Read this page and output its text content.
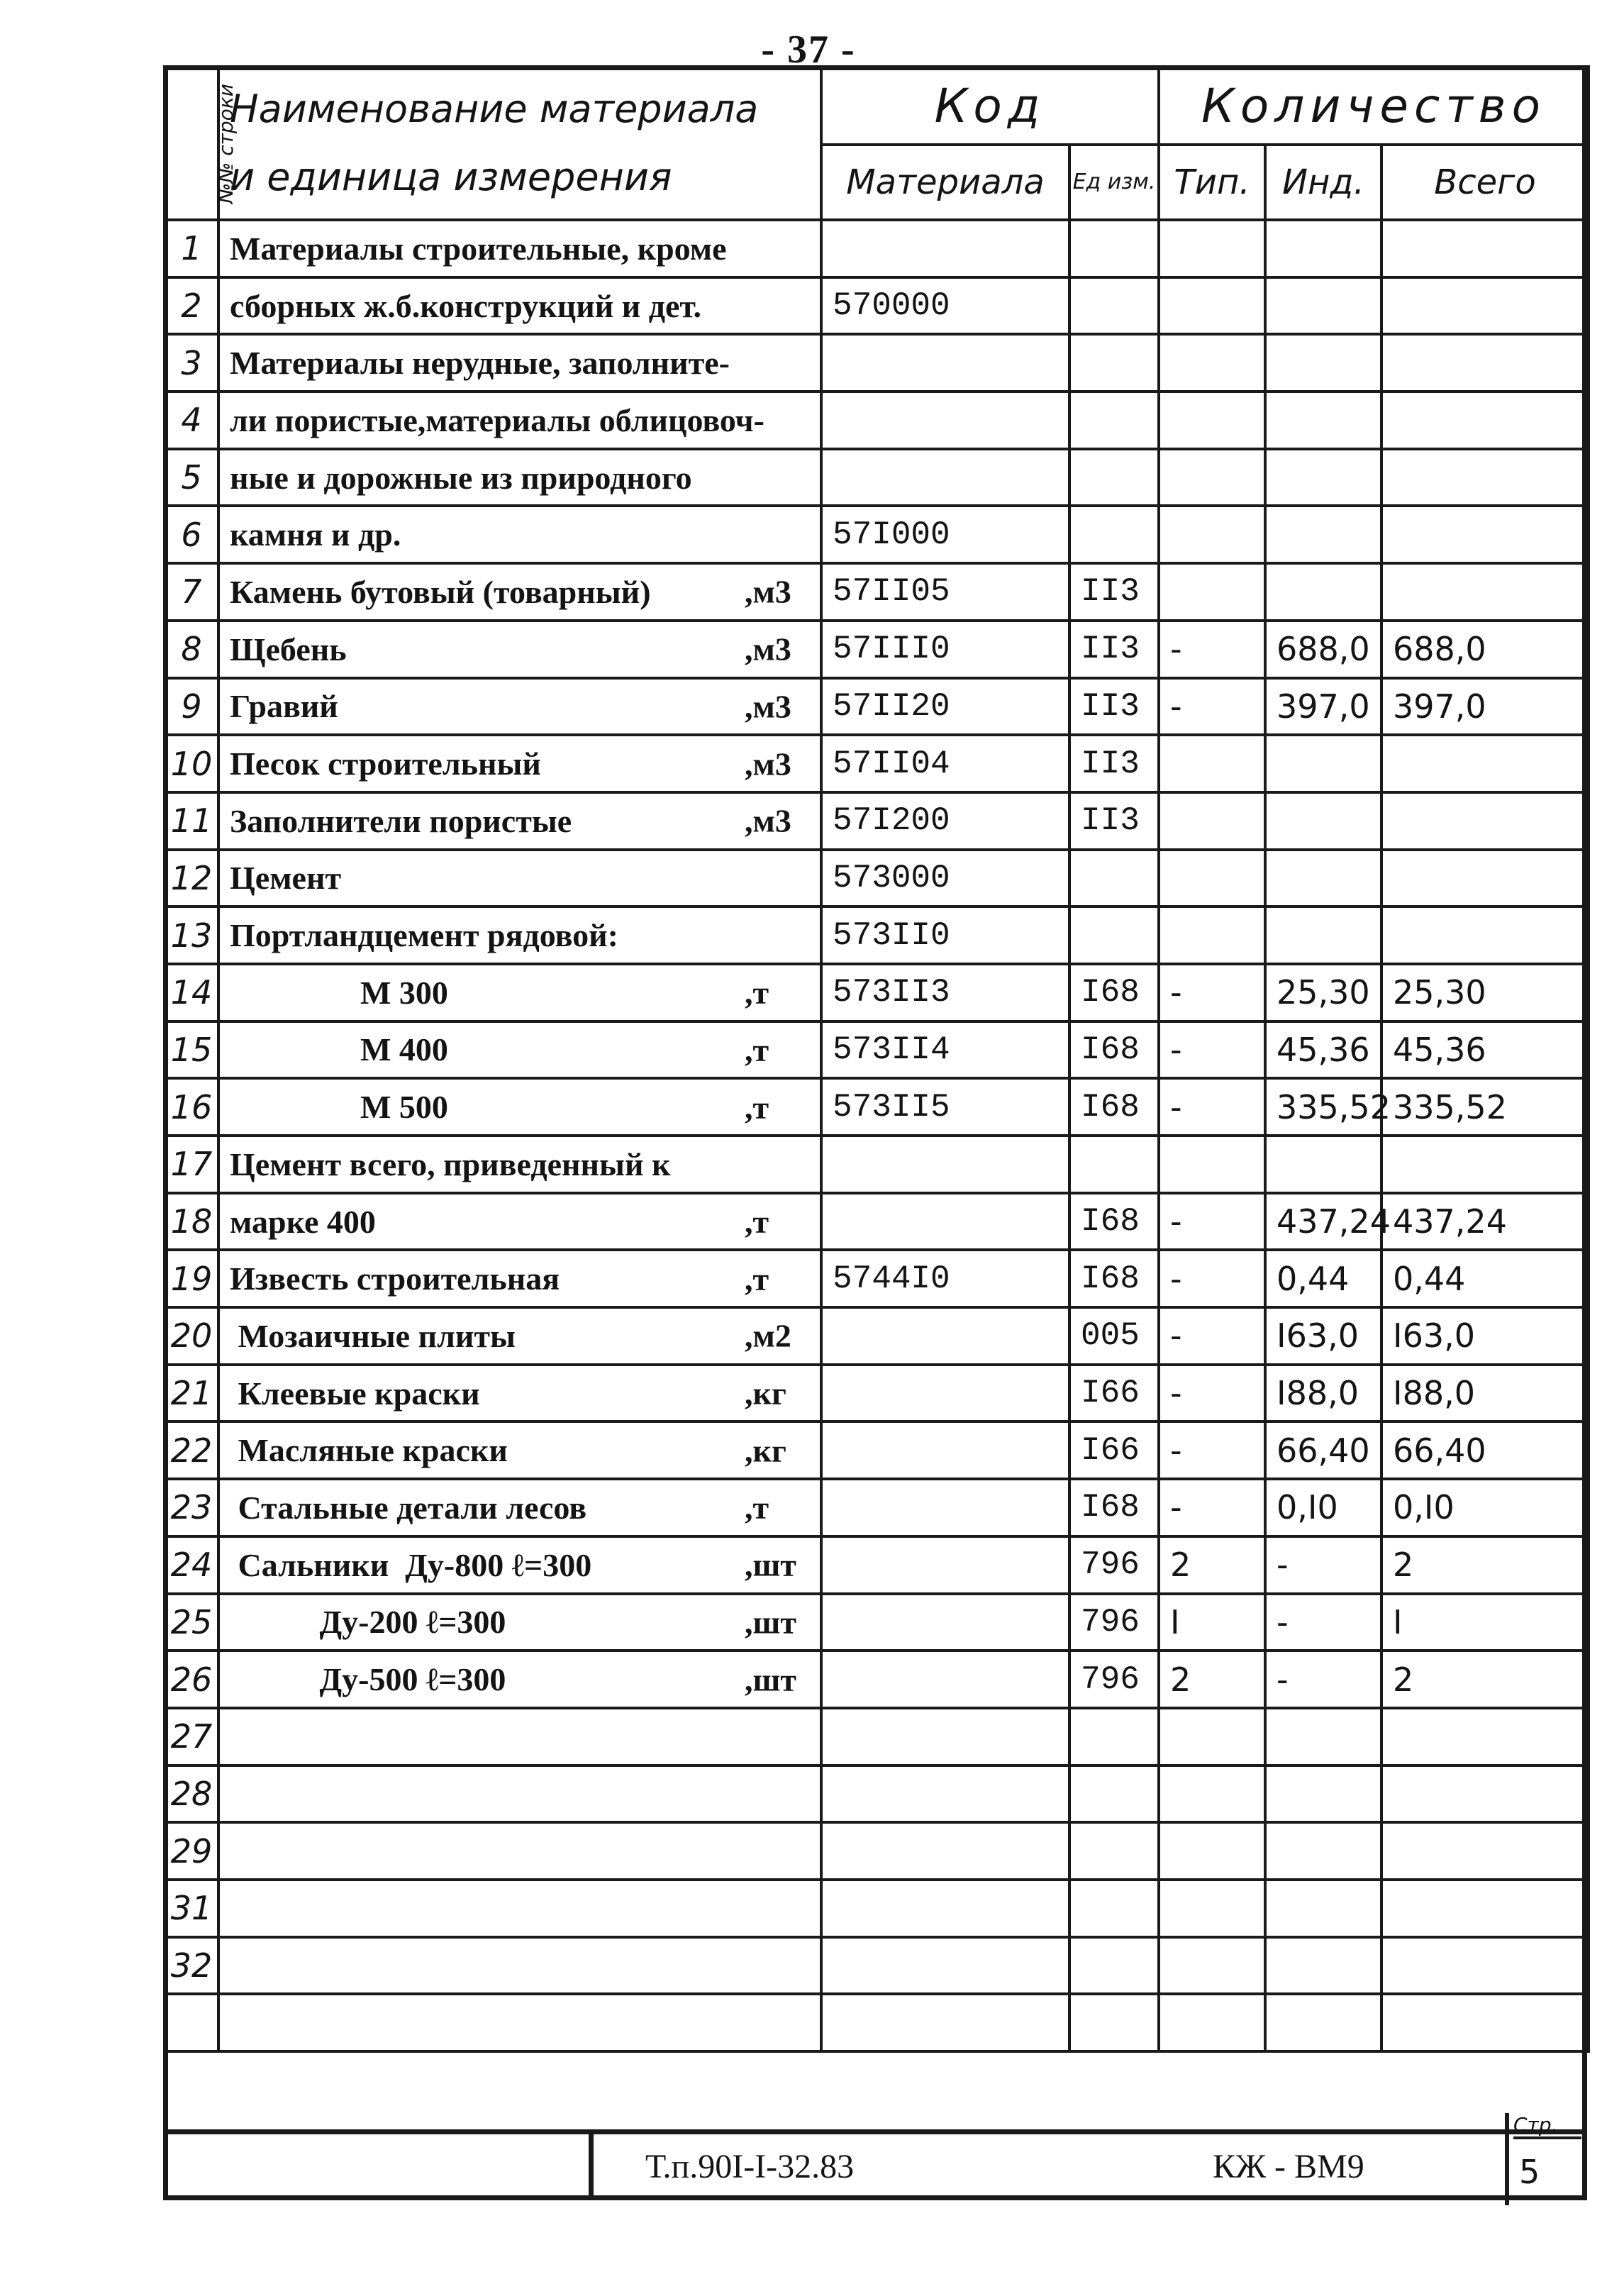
- 37 -
№№ строки	Наименование материала
и единица измерения	Код		Количество		
		Материала	Ед изм.	Тип.	Инд.	Всего
1	Материалы строительные, кроме

2	сборных ж.б.конструкций и дет.	570000				
3	Материалы нерудные, заполните-

4	ли пористые,материалы облицовоч-

5	ные и дорожные из природного

6	камня и др.	57I000				
7	Камень бутовый (товарный) ,м3	57II05	II3			
8	Щебень ,м3	57III0	II3	-	688,0	688,0
9	Гравий ,м3	57II20	II3	-	397,0	397,0
10	Песок строительный ,м3	57II04	II3			
11	Заполнители пористые ,м3	57I200	II3			
12	Цемент	573000				
13	Портландцемент рядовой:	573II0				
14	М 300 ,т	573II3	I68	-	25,30	25,30
15	М 400 ,т	573II4	I68	-	45,36	45,36
16	М 500 ,т	573II5	I68	-	335,52	335,52
17	Цемент всего, приведенный к

18	марке 400 ,т		I68	-	437,24	437,24
19	Известь строительная ,т	5744I0	I68	-	0,44	0,44
20	Мозаичные плиты ,м2		005	-	I63,0	I63,0
21	Клеевые краски ,кг		I66	-	I88,0	I88,0
22	Масляные краски ,кг		I66	-	66,40	66,40
23	Стальные детали лесов ,т		I68	-	0,I0	0,I0
24	Сальники  Ду-800 ℓ=300 ,шт		796	2	-	2
25	Ду-200 ℓ=300 ,шт		796	I	-	I
26	Ду-500 ℓ=300 ,шт		796	2	-	2
27	

28	

29	

31	

32	

Т.п.90I-I-32.83	КЖ - ВМ9
Стр.
5
